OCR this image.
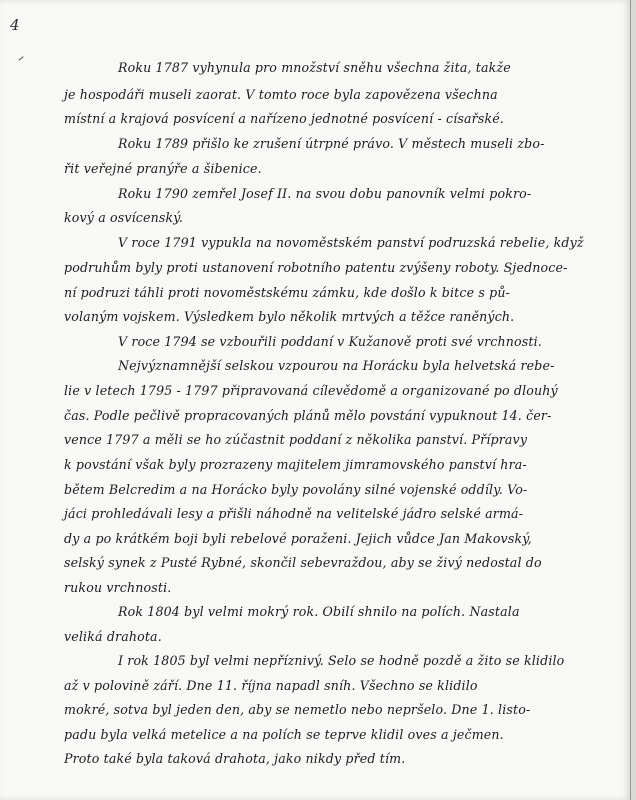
4
Roku 1787 vyhynula pro množství sněhu všechna žita, takže
je hospodáři museli zaorat. V tomto roce byla zapovězena všechna
místní a krajová posvícení a nařízeno jednotné posvícení - císařské.
Roku 1789 přišlo ke zrušení útrpné právo. V městech museli zbo-
řit veřejné pranýře a šibenice.
Roku 1790 zemřel Josef II. na svou dobu panovník velmi pokro-
kový a osvícenský.
V roce 1791 vypukla na novoměstském panství podruzská rebelie, když
podruhům byly proti ustanovení robotního patentu zvýšeny roboty. Sjednoce-
ní podruzi táhli proti novoměstskému zámku, kde došlo k bitce s pů-
volaným vojskem. Výsledkem bylo několik mrtvých a těžce raněných.
V roce 1794 se vzbouřili poddaní v Kužanově proti své vrchnosti.
Nejvýznamnější selskou vzpourou na Horácku byla helvetská rebe-
lie v letech 1795 - 1797 připravovaná cílevědomě a organizované po dlouhý
čas. Podle pečlivě propracovaných plánů mělo povstání vypuknout 14. čer-
vence 1797 a měli se ho zúčastnit poddaní z několika panství. Přípravy
k povstání však byly prozrazeny majitelem jimramovského panství hra-
bětem Belcredim a na Horácko byly povolány silné vojenské oddíly. Vo-
jáci prohledávali lesy a přišli náhodně na velitelské jádro selské armá-
dy a po krátkém boji byli rebelové poraženi. Jejich vůdce Jan Makovský,
selský synek z Pusté Rybné, skončil sebevraždou, aby se živý nedostal do
rukou vrchnosti.
Rok 1804 byl velmi mokrý rok. Obilí shnilo na polích. Nastala
veliká drahota.
I rok 1805 byl velmi nepříznivý. Selo se hodně pozdě a žito se klidilo
až v polovině září. Dne 11. října napadl sníh. Všechno se klidilo
mokré, sotva byl jeden den, aby se nemetlo nebo nepršelo. Dne 1. listo-
padu byla velká metelice a na polích se teprve klidil oves a ječmen.
Proto také byla taková drahota, jako nikdy před tím.
